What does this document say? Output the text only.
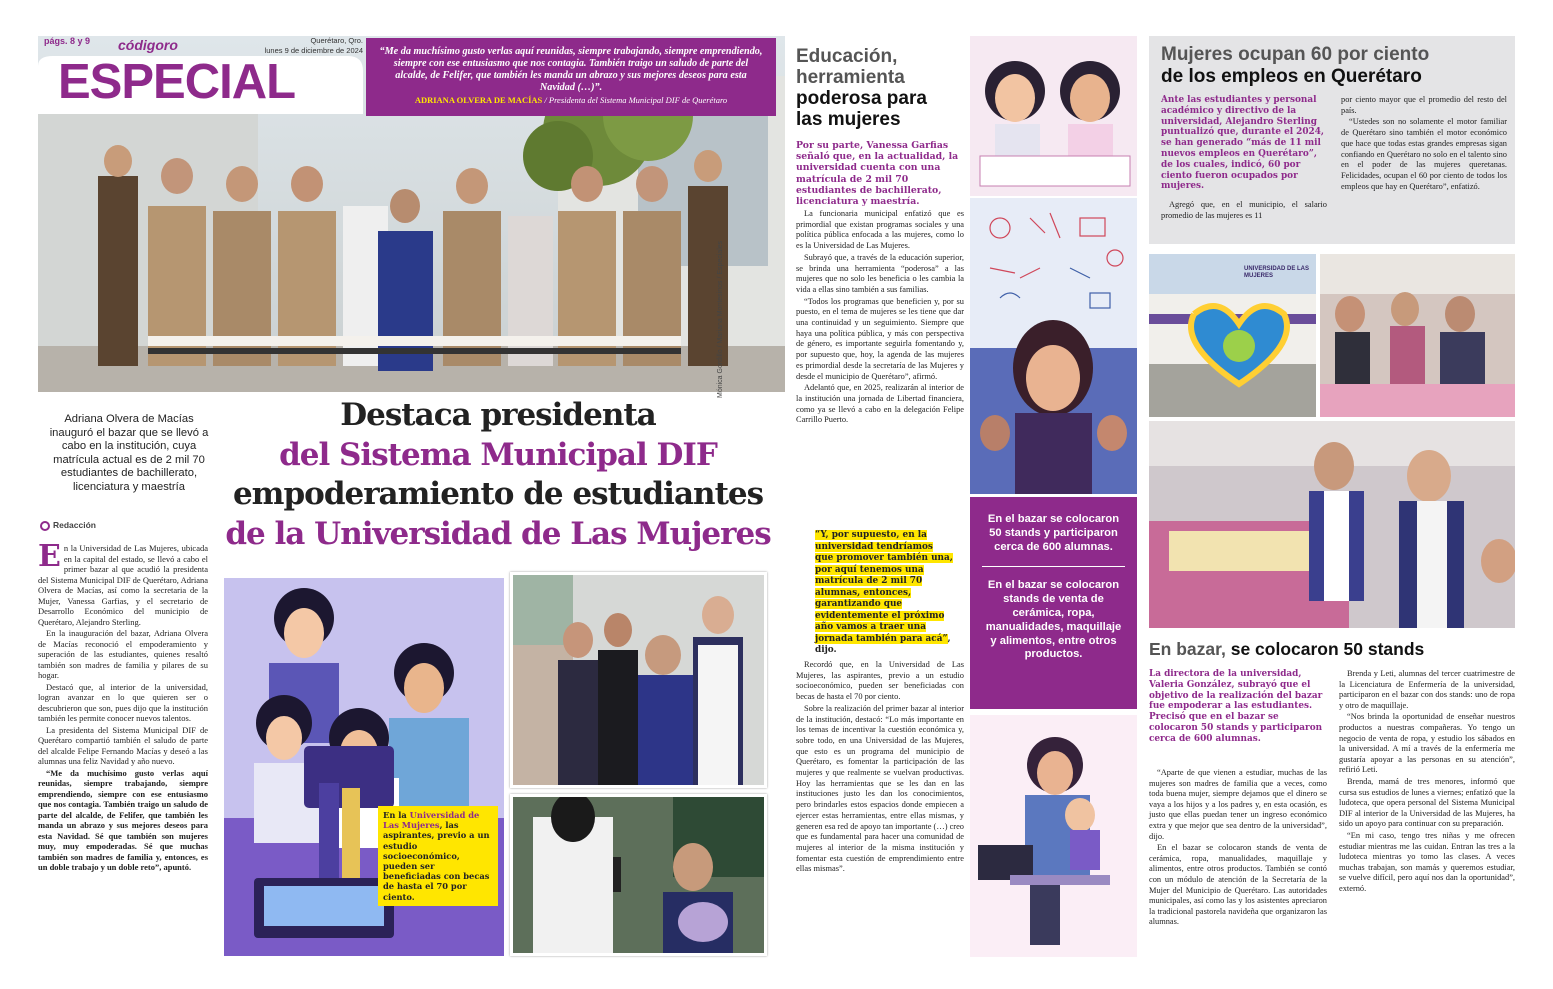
págs. 8 y 9 códigoro	Querétaro, Qro.
lunes 9 de diciembre de 2024
ESPECIAL
“Me da muchísimo gusto verlas aquí reunidas, siempre trabajando, siempre emprendiendo, siempre con ese entusiasmo que nos contagia. También traigo un saludo de parte del alcalde, de Felifer, que también les manda un abrazo y sus mejores deseos para esta Navidad (…)”.
ADRIANA OLVERA DE MACÍAS / Presidenta del Sistema Municipal DIF de Querétaro
Mónica Gordillo / Mariana Montesinos / Especiales
Adriana Olvera de Macías inauguró el bazar que se llevó a cabo en la institución, cuya matrícula actual es de 2 mil 70 estudiantes de bachillerato, licenciatura y maestría
Destaca presidenta
del Sistema Municipal DIF
empoderamiento de estudiantes
de la Universidad de Las Mujeres
Redacción

En la Universidad de Las Mujeres, ubicada en la capital del estado, se llevó a cabo el primer bazar al que acudió la presidenta del Sistema Municipal DIF de Querétaro, Adriana Olvera de Macías, así como la secretaria de la Mujer, Vanessa Garfias, y el secretario de Desarrollo Económico del municipio de Querétaro, Alejandro Sterling.

En la inauguración del bazar, Adriana Olvera de Macías reconoció el empoderamiento y superación de las estudiantes, quienes resaltó también son madres de familia y pilares de su hogar.

Destacó que, al interior de la universidad, logran avanzar en lo que quieren ser o descubrieron que son, pues dijo que la institución también les permite conocer nuevos talentos.

La presidenta del Sistema Municipal DIF de Querétaro compartió también el saludo de parte del alcalde Felipe Fernando Macías y deseó a las alumnas una feliz Navidad y año nuevo.

“Me da muchísimo gusto verlas aquí reunidas, siempre trabajando, siempre emprendiendo, siempre con ese entusiasmo que nos contagia. También traigo un saludo de parte del alcalde, de Felifer, que también les manda un abrazo y sus mejores deseos para esta Navidad. Sé que también son mujeres muy, muy empoderadas. Sé que muchas también son madres de familia y, entonces, es un doble trabajo y un doble reto”, apuntó.

En la Universidad de Las Mujeres, las aspirantes, previo a un estudio socioeconómico, pueden ser beneficiadas con becas de hasta el 70 por ciento.
Educación,
herramienta
poderosa para
las mujeres
Por su parte, Vanessa Garfias señaló que, en la actualidad, la universidad cuenta con una matrícula de 2 mil 70 estudiantes de bachillerato, licenciatura y maestría.

La funcionaria municipal enfatizó que es primordial que existan programas sociales y una política pública enfocada a las mujeres, como lo es la Universidad de Las Mujeres.

Subrayó que, a través de la educación superior, se brinda una herramienta “poderosa” a las mujeres que no solo les beneficia o les cambia la vida a ellas sino también a sus familias.

“Todos los programas que beneficien y, por su puesto, en el tema de mujeres se les tiene que dar una continuidad y un seguimiento. Siempre que haya una política pública, y más con perspectiva de género, es importante seguirla fomentando y, por supuesto que, hoy, la agenda de las mujeres es primordial desde la secretaría de las Mujeres y desde el municipio de Querétaro”, afirmó.

Adelantó que, en 2025, realizarán al interior de la institución una jornada de Libertad financiera, como ya se llevó a cabo en la delegación Felipe Carrillo Puerto.

“Y, por supuesto, en la universidad tendríamos que promover también una, por aquí tenemos una matrícula de 2 mil 70 alumnas, entonces, garantizando que evidentemente el próximo año vamos a traer una jornada también para acá”, dijo.

Recordó que, en la Universidad de Las Mujeres, las aspirantes, previo a un estudio socioeconómico, pueden ser beneficiadas con becas de hasta el 70 por ciento.

Sobre la realización del primer bazar al interior de la institución, destacó: “Lo más importante en los temas de incentivar la cuestión económica y, sobre todo, en una Universidad de las Mujeres, que esto es un programa del municipio de Querétaro, es fomentar la participación de las mujeres y que realmente se vuelvan productivas. Hoy las herramientas que se les dan en las instituciones justo les dan los conocimientos, pero brindarles estos espacios donde empiecen a ejercer estas herramientas, entre ellas mismas, y generen esa red de apoyo tan importante (…) creo que es fundamental para hacer una comunidad de mujeres al interior de la misma institución y fomentar esta cuestión de emprendimiento entre ellas mismas”.

En el bazar se colocaron 50 stands y participaron cerca de 600 alumnas.
En el bazar se colocaron stands de venta de cerámica, ropa, manualidades, maquillaje y alimentos, entre otros productos.
Mujeres ocupan 60 por ciento
de los empleos en Querétaro
Ante las estudiantes y personal académico y directivo de la universidad, Alejandro Sterling puntualizó que, durante el 2024, se han generado “más de 11 mil nuevos empleos en Querétaro”, de los cuales, indicó, 60 por ciento fueron ocupados por mujeres.

Agregó que, en el municipio, el salario promedio de las mujeres es 11

por ciento mayor que el promedio del resto del país.

“Ustedes son no solamente el motor familiar de Querétaro sino también el motor económico que hace que todas estas grandes empresas sigan confiando en Querétaro no solo en el talento sino en el poder de las mujeres queretanas. Felicidades, ocupan el 60 por ciento de todos los empleos que hay en Querétaro”, enfatizó.

UNIVERSIDAD DE LAS MUJERES
En bazar, se colocaron 50 stands
La directora de la universidad, Valeria González, subrayó que el objetivo de la realización del bazar fue empoderar a las estudiantes. Precisó que en el bazar se colocaron 50 stands y participaron cerca de 600 alumnas.

“Aparte de que vienen a estudiar, muchas de las mujeres son madres de familia que a veces, como toda buena mujer, siempre dejamos que el dinero se vaya a los hijos y a los padres y, en esta ocasión, es justo que ellas puedan tener un ingreso económico extra y que mejor que sea dentro de la universidad”, dijo.

En el bazar se colocaron stands de venta de cerámica, ropa, manualidades, maquillaje y alimentos, entre otros productos. También se contó con un módulo de atención de la Secretaría de la Mujer del Municipio de Querétaro. Las autoridades municipales, así como las y los asistentes apreciaron la tradicional pastorela navideña que organizaron las alumnas.

Brenda y Leti, alumnas del tercer cuatrimestre de la Licenciatura de Enfermería de la universidad, participaron en el bazar con dos stands: uno de ropa y otro de maquillaje.

“Nos brinda la oportunidad de enseñar nuestros productos a nuestras compañeras. Yo tengo un negocio de venta de ropa, y estudio los sábados en la universidad. A mí a través de la enfermería me gustaría apoyar a las personas en su atención”, refirió Leti.

Brenda, mamá de tres menores, informó que cursa sus estudios de lunes a viernes; enfatizó que la ludoteca, que opera personal del Sistema Municipal DIF al interior de la Universidad de las Mujeres, ha sido un apoyo para continuar con su preparación.

“En mi caso, tengo tres niñas y me ofrecen estudiar mientras me las cuidan. Entran las tres a la ludoteca mientras yo tomo las clases. A veces muchas trabajan, son mamás y queremos estudiar, se vuelve difícil, pero aquí nos dan la oportunidad”, externó.
